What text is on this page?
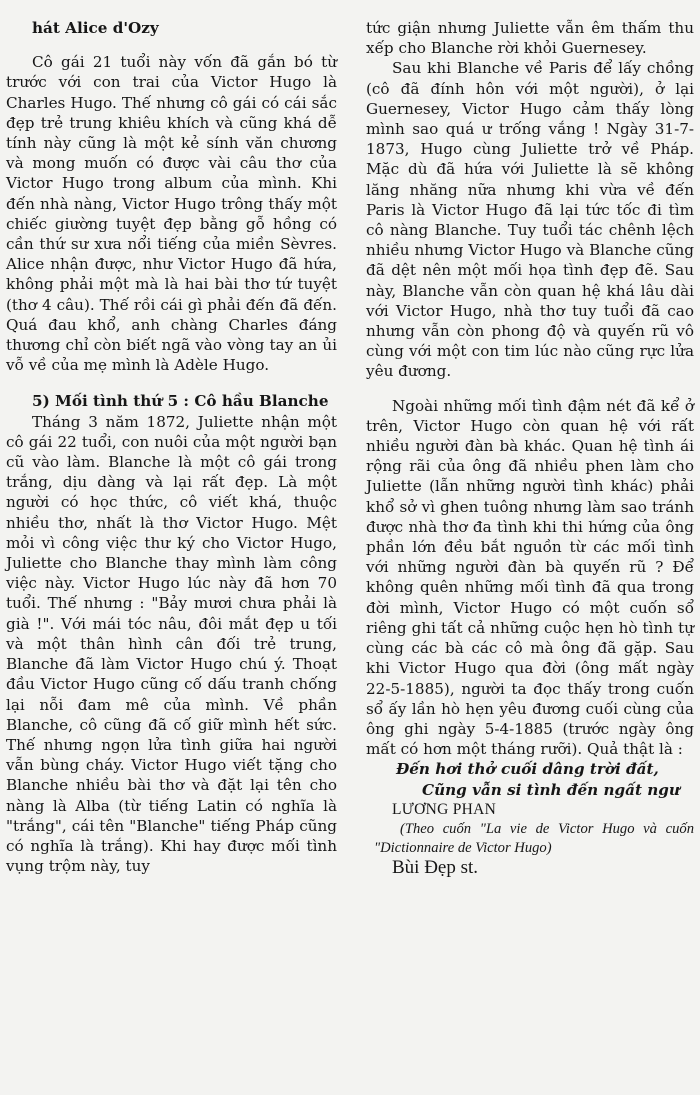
hát Alice d'Ozy

Cô gái 21 tuổi này vốn đã gắn bó từ trước với con trai của Victor Hugo là Charles Hugo. Thế nhưng cô gái có cái sắc đẹp trẻ trung khiêu khích và cũng khá dễ tính này cũng là một kẻ sính văn chương và mong muốn có được vài câu thơ của Victor Hugo trong album của mình. Khi đến nhà nàng, Victor Hugo trông thấy một chiếc giường tuyệt đẹp bằng gỗ hồng có cần thứ sư xưa nổi tiếng của miền Sèvres. Alice nhận được, như Victor Hugo đã hứa, không phải một mà là hai bài thơ tứ tuyệt (thơ 4 câu). Thế rồi cái gì phải đến đã đến. Quá đau khổ, anh chàng Charles đáng thương chỉ còn biết ngã vào vòng tay an ủi vỗ về của mẹ mình là Adèle Hugo.

5) Mối tình thứ 5 : Cô hầu Blanche

Tháng 3 năm 1872, Juliette nhận một cô gái 22 tuổi, con nuôi của một người bạn cũ vào làm. Blanche là một cô gái trong trắng, dịu dàng và lại rất đẹp. Là một người có học thức, cô viết khá, thuộc nhiều thơ, nhất là thơ Victor Hugo. Mệt mỏi vì công việc thư ký cho Victor Hugo, Juliette cho Blanche thay mình làm công việc này. Victor Hugo lúc này đã hơn 70 tuổi. Thế nhưng : "Bảy mươi chưa phải là già !". Với mái tóc nâu, đôi mắt đẹp u tối và một thân hình cân đối trẻ trung, Blanche đã làm Victor Hugo chú ý. Thoạt đầu Victor Hugo cũng cố dấu tranh chống lại nỗi đam mê của mình. Về phần Blanche, cô cũng đã cố giữ mình hết sức. Thế nhưng ngọn lửa tình giữa hai người vẫn bùng cháy. Victor Hugo viết tặng cho Blanche nhiều bài thơ và đặt lại tên cho nàng là Alba (từ tiếng Latin có nghĩa là "trắng", cái tên "Blanche" tiếng Pháp cũng có nghĩa là trắng). Khi hay được mối tình vụng trộm này, tuy

tức giận nhưng Juliette vẫn êm thấm thu xếp cho Blanche rời khỏi Guernesey.

Sau khi Blanche về Paris để lấy chồng (cô đã đính hôn với một người), ở lại Guernesey, Victor Hugo cảm thấy lòng mình sao quá ư trống vắng ! Ngày 31-7-1873, Hugo cùng Juliette trở về Pháp. Mặc dù đã hứa với Juliette là sẽ không lăng nhăng nữa nhưng khi vừa về đến Paris là Victor Hugo đã lại tức tốc đi tìm cô nàng Blanche. Tuy tuổi tác chênh lệch nhiều nhưng Victor Hugo và Blanche cũng đã dệt nên một mối họa tình đẹp đẽ. Sau này, Blanche vẫn còn quan hệ khá lâu dài với Victor Hugo, nhà thơ tuy tuổi đã cao nhưng vẫn còn phong độ và quyến rũ vô cùng với một con tim lúc nào cũng rực lửa yêu đương.

Ngoài những mối tình đậm nét đã kể ở trên, Victor Hugo còn quan hệ với rất nhiều người đàn bà khác. Quan hệ tình ái rộng rãi của ông đã nhiều phen làm cho Juliette (lẫn những người tình khác) phải khổ sở vì ghen tuông nhưng làm sao tránh được nhà thơ đa tình khi thi hứng của ông phần lớn đều bắt nguồn từ các mối tình với những người đàn bà quyến rũ ? Để không quên những mối tình đã qua trong đời mình, Victor Hugo có một cuốn sổ riêng ghi tất cả những cuộc hẹn hò tình tự cùng các bà các cô mà ông đã gặp. Sau khi Victor Hugo qua đời (ông mất ngày 22-5-1885), người ta đọc thấy trong cuốn sổ ấy lần hò hẹn yêu đương cuối cùng của ông ghi ngày 5-4-1885 (trước ngày ông mất có hơn một tháng rưỡi). Quả thật là :

Đến hơi thở cuối dâng trời đất,
Cũng vẫn si tình đến ngất ngư

LƯƠNG PHAN

(Theo cuốn "La vie de Victor Hugo và cuốn "Dictionnaire de Victor Hugo)

Bùi Đẹp st.
